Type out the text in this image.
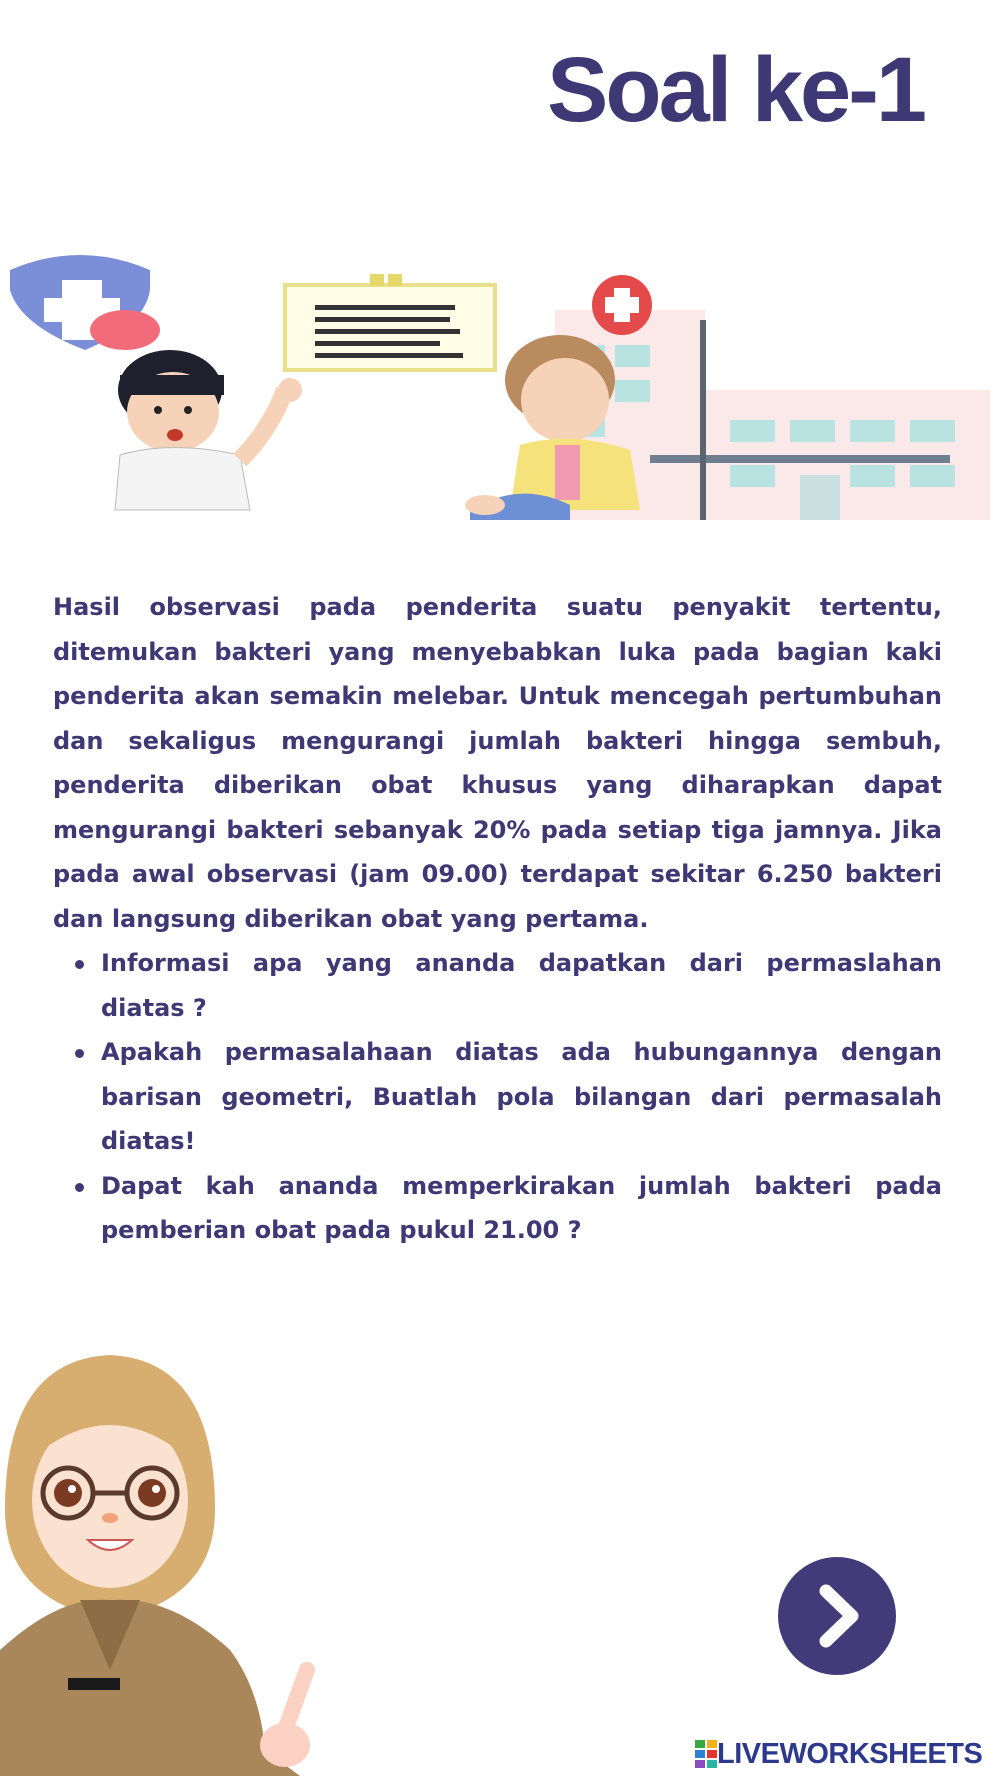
Soal ke-1

Hasil observasi pada penderita suatu penyakit tertentu, ditemukan bakteri yang menyebabkan luka pada bagian kaki penderita akan semakin melebar. Untuk mencegah pertumbuhan dan sekaligus mengurangi jumlah bakteri hingga sembuh, penderita diberikan obat khusus yang diharapkan dapat mengurangi bakteri sebanyak 20% pada setiap tiga jamnya. Jika pada awal observasi (jam 09.00) terdapat sekitar 6.250 bakteri dan langsung diberikan obat yang pertama.

Informasi apa yang ananda dapatkan dari permaslahan diatas ?
Apakah permasalahaan diatas ada hubungannya dengan barisan geometri, Buatlah pola bilangan dari permasalah diatas!
Dapat kah ananda memperkirakan jumlah bakteri pada pemberian obat pada pukul 21.00 ?
LIVEWORKSHEETS
